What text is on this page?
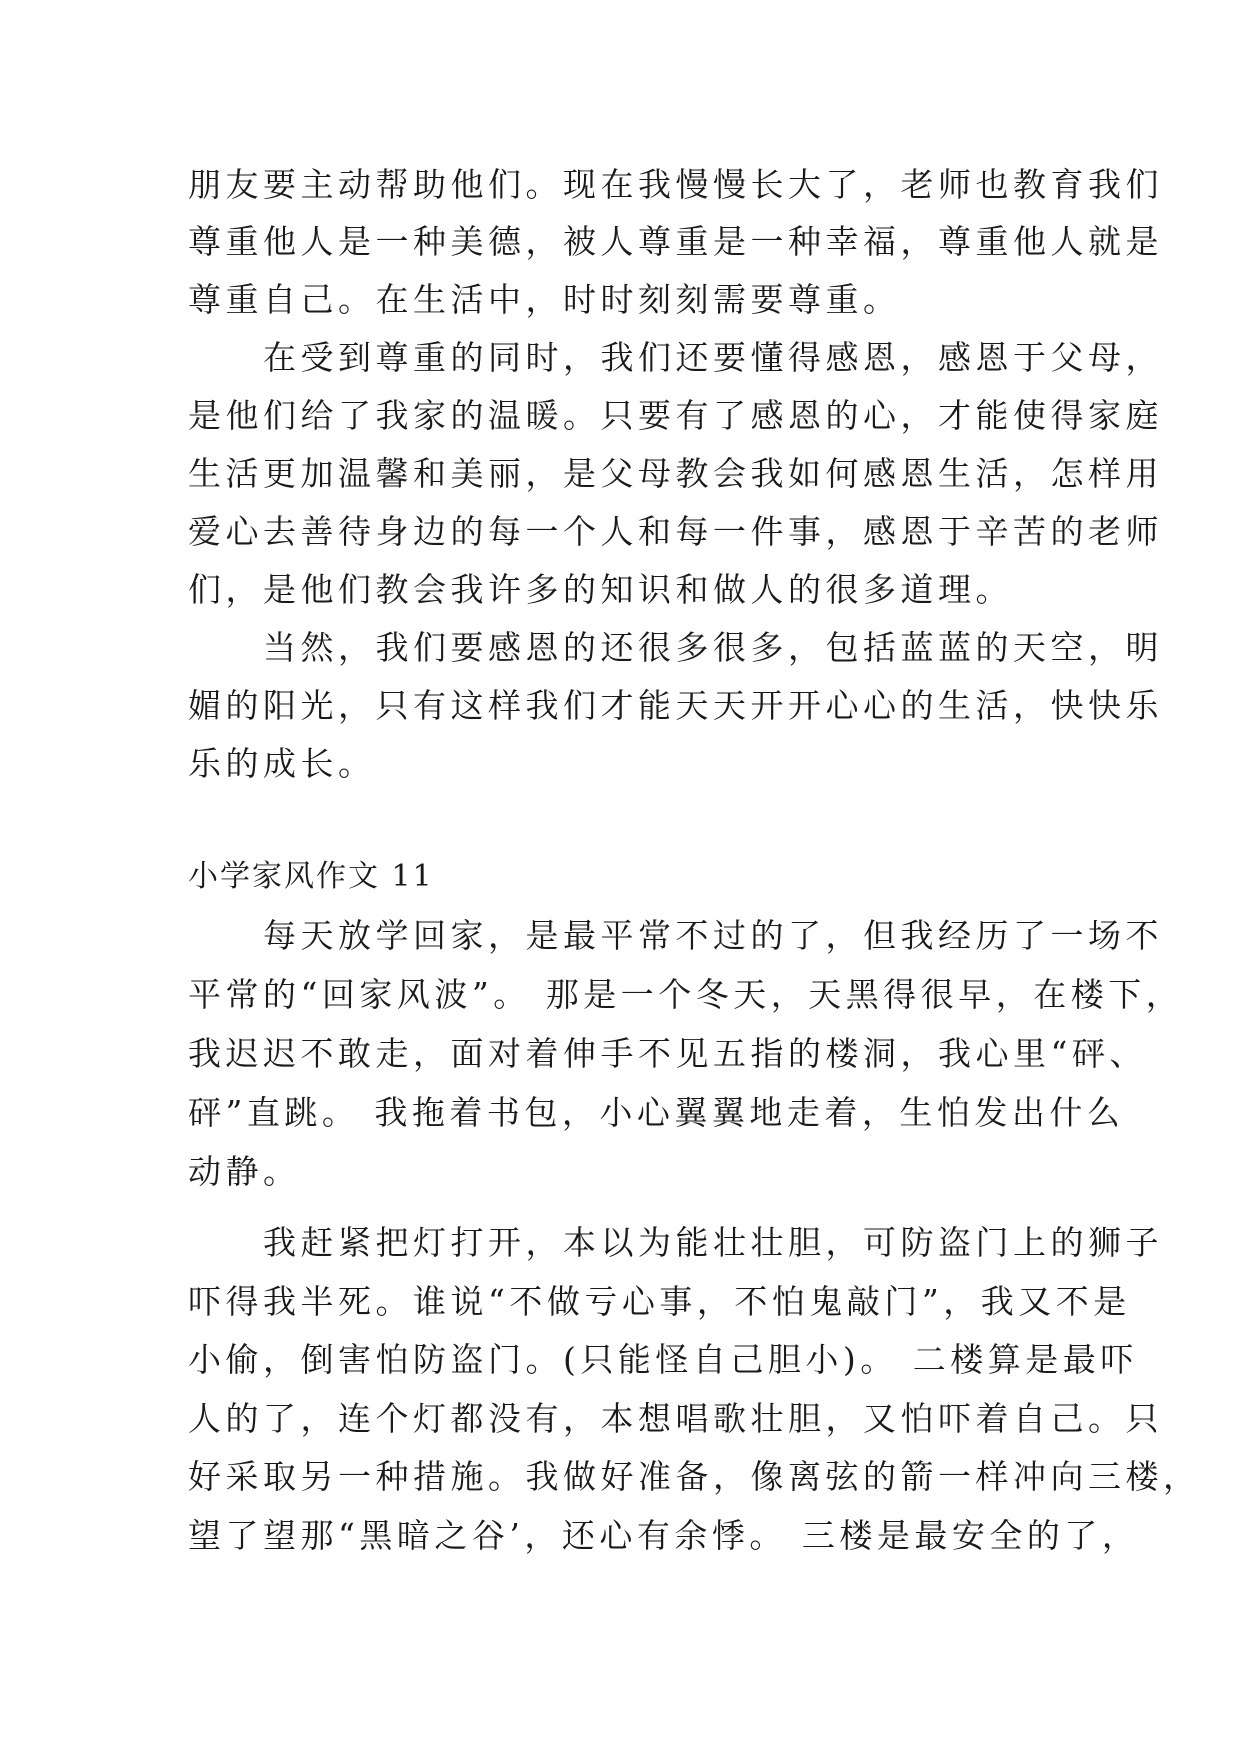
朋友要主动帮助他们。现在我慢慢长大了，老师也教育我们
尊重他人是一种美德，被人尊重是一种幸福，尊重他人就是
尊重自己。在生活中，时时刻刻需要尊重。
　　在受到尊重的同时，我们还要懂得感恩，感恩于父母，
是他们给了我家的温暖。只要有了感恩的心，才能使得家庭
生活更加温馨和美丽，是父母教会我如何感恩生活，怎样用
爱心去善待身边的每一个人和每一件事，感恩于辛苦的老师
们，是他们教会我许多的知识和做人的很多道理。
　　当然，我们要感恩的还很多很多，包括蓝蓝的天空，明
媚的阳光，只有这样我们才能天天开开心心的生活，快快乐
乐的成长。
小学家风作文 11
　　每天放学回家，是最平常不过的了，但我经历了一场不
平常的“回家风波”。 那是一个冬天，天黑得很早，在楼下，
我迟迟不敢走，面对着伸手不见五指的楼洞，我心里“砰、
砰”直跳。 我拖着书包，小心翼翼地走着，生怕发出什么
动静。
　　我赶紧把灯打开，本以为能壮壮胆，可防盗门上的狮子
吓得我半死。谁说“不做亏心事，不怕鬼敲门”，我又不是
小偷，倒害怕防盗门。(只能怪自己胆小)。 二楼算是最吓
人的了，连个灯都没有，本想唱歌壮胆，又怕吓着自己。只
好采取另一种措施。我做好准备，像离弦的箭一样冲向三楼，
望了望那“黑暗之谷’，还心有余悸。 三楼是最安全的了，
